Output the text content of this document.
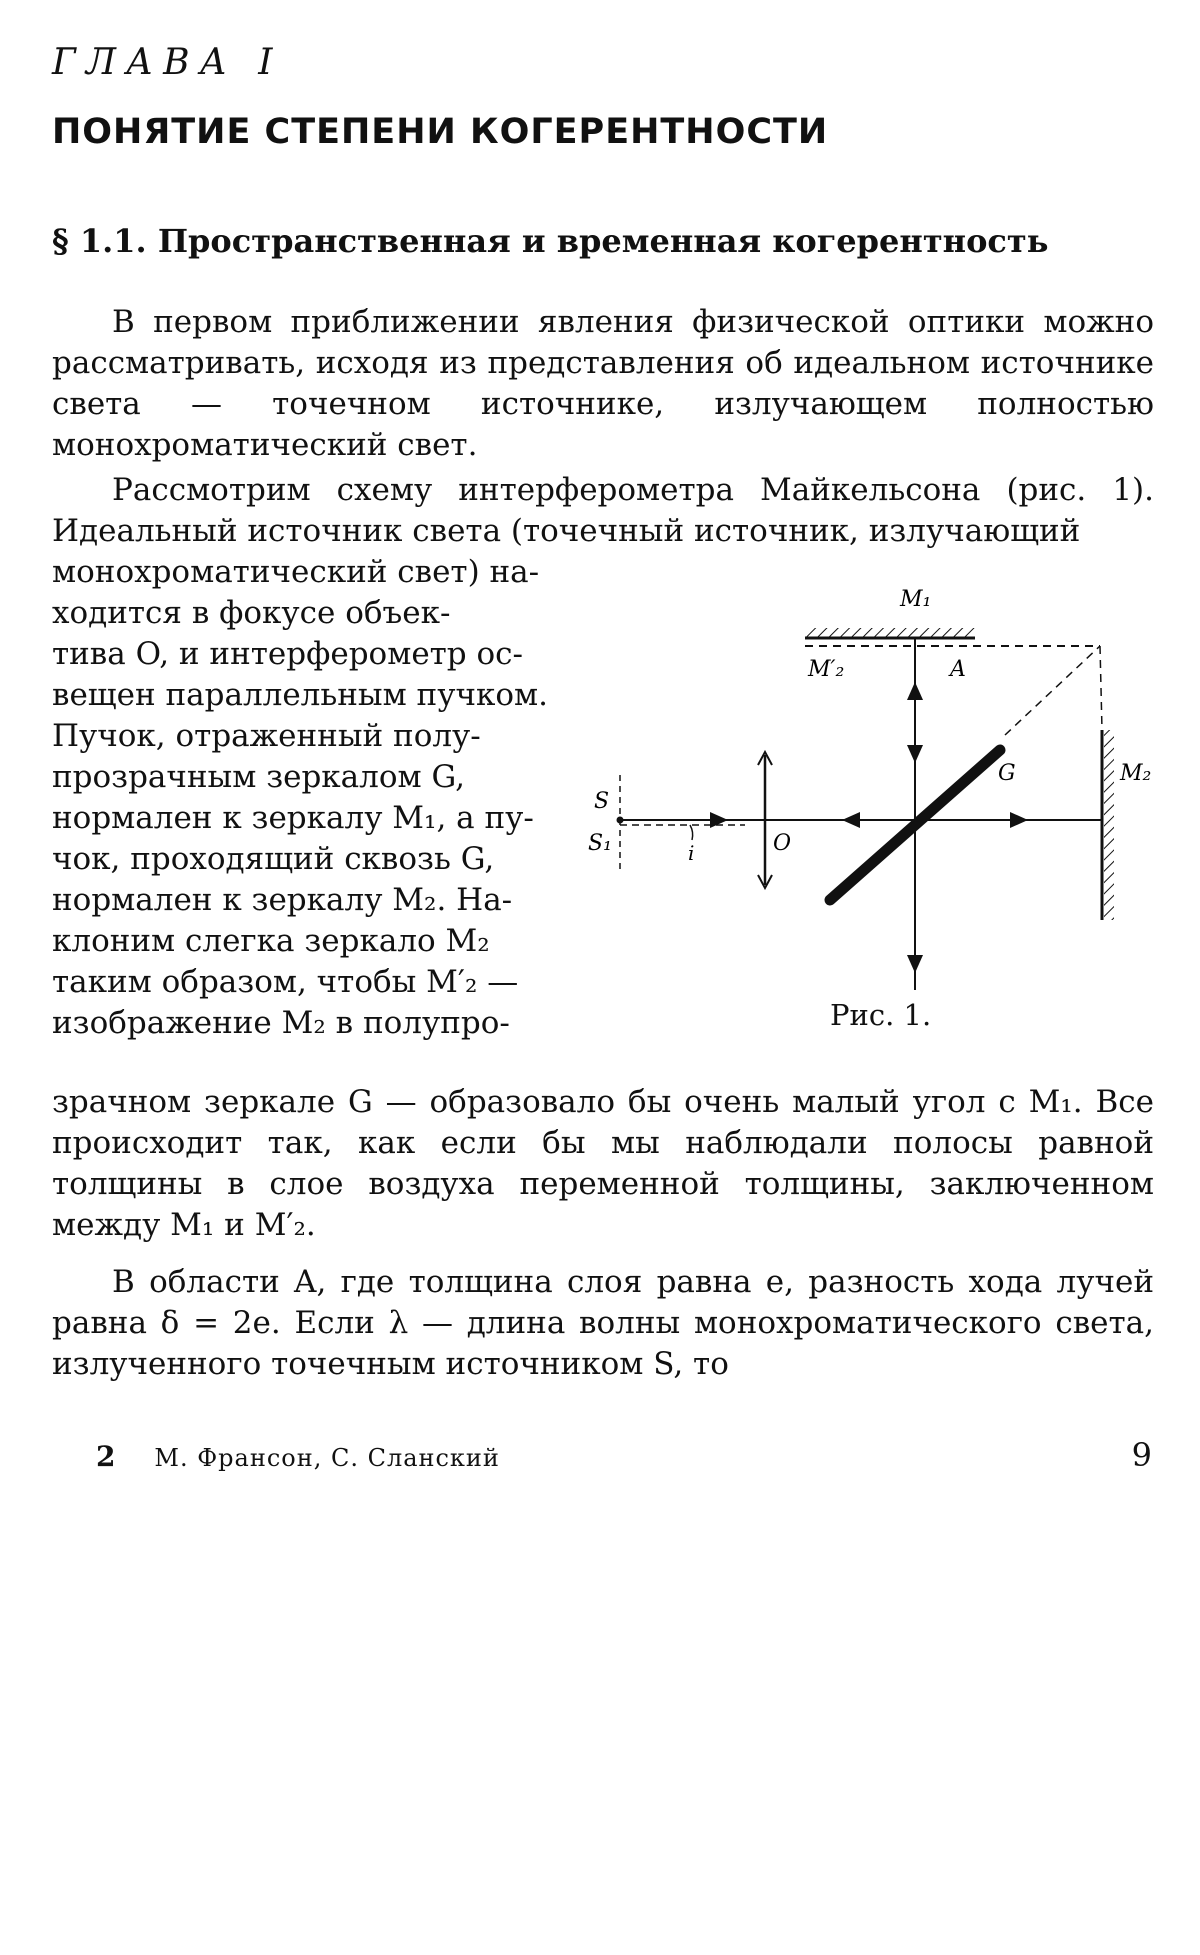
ГЛАВА I
ПОНЯТИЕ СТЕПЕНИ КОГЕРЕНТНОСТИ
§ 1.1. Пространственная и временная когерентность
В первом приближении явления физической оптики можно рассматривать, исходя из представления об идеальном источнике света — точечном источнике, излучающем полностью монохроматический свет.
Рассмотрим схему интерферометра Майкельсона (рис. 1). Идеальный источник света (точечный источник, излучающий
монохроматический свет) на-
ходится в фокусе объек-
тива O, и интерферометр ос-
вещен параллельным пучком.
Пучок, отраженный полу-
прозрачным зеркалом G,
нормален к зеркалу M₁, а пу-
чок, проходящий сквозь G,
нормален к зеркалу M₂. На-
клоним слегка зеркало M₂
таким образом, чтобы M′₂ —
изображение M₂ в полупро-
M₁
M′₂	A
M₂
G
O
S
S₁	i
Рис. 1.
зрачном зеркале G — образовало бы очень малый угол с M₁. Все происходит так, как если бы мы наблюдали полосы равной толщины в слое воздуха переменной толщины, заключенном между M₁ и M′₂.
В области A, где толщина слоя равна e, разность хода лучей равна δ = 2e. Если λ — длина волны монохроматического света, излученного точечным источником S, то
2 М. Франсон, С. Сланский	9
